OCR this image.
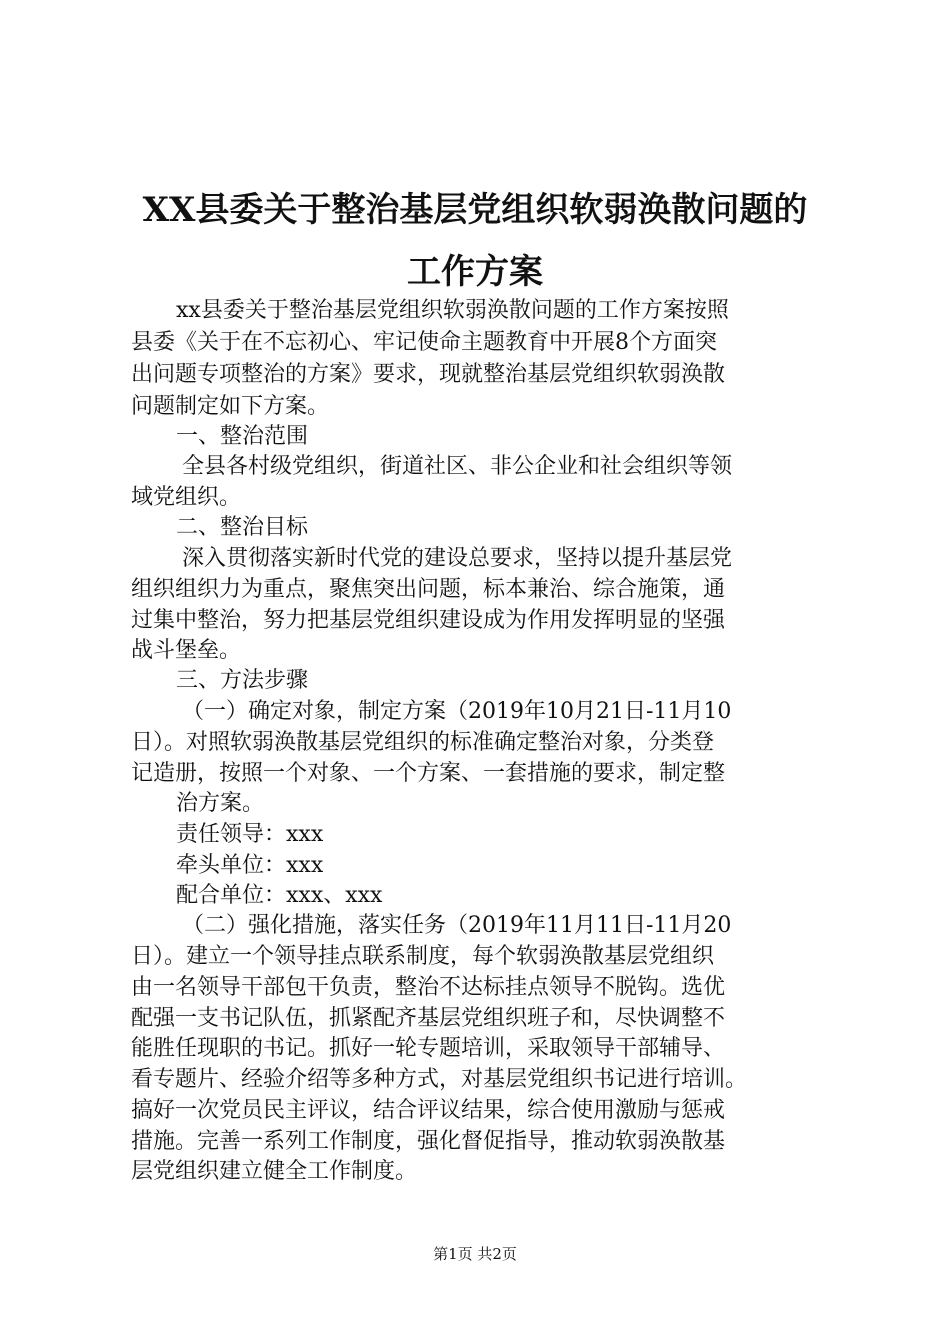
XX县委关于整治基层党组织软弱涣散问题的
工作方案
xx县委关于整治基层党组织软弱涣散问题的工作方案按照
县委《关于在不忘初心、牢记使命主题教育中开展8个方面突
出问题专项整治的方案》要求，现就整治基层党组织软弱涣散
问题制定如下方案。
一、整治范围
全县各村级党组织，街道社区、非公企业和社会组织等领
域党组织。
二、整治目标
深入贯彻落实新时代党的建设总要求，坚持以提升基层党
组织组织力为重点，聚焦突出问题，标本兼治、综合施策，通
过集中整治，努力把基层党组织建设成为作用发挥明显的坚强
战斗堡垒。
三、方法步骤
（一）确定对象，制定方案（2019年10月21日-11月10
日）。对照软弱涣散基层党组织的标准确定整治对象，分类登
记造册，按照一个对象、一个方案、一套措施的要求，制定整
治方案。
责任领导：xxx
牵头单位：xxx
配合单位：xxx、xxx
（二）强化措施，落实任务（2019年11月11日-11月20
日）。建立一个领导挂点联系制度，每个软弱涣散基层党组织
由一名领导干部包干负责，整治不达标挂点领导不脱钩。选优
配强一支书记队伍，抓紧配齐基层党组织班子和，尽快调整不
能胜任现职的书记。抓好一轮专题培训，采取领导干部辅导、
看专题片、经验介绍等多种方式，对基层党组织书记进行培训。
搞好一次党员民主评议，结合评议结果，综合使用激励与惩戒
措施。完善一系列工作制度，强化督促指导，推动软弱涣散基
层党组织建立健全工作制度。
第1页 共2页
